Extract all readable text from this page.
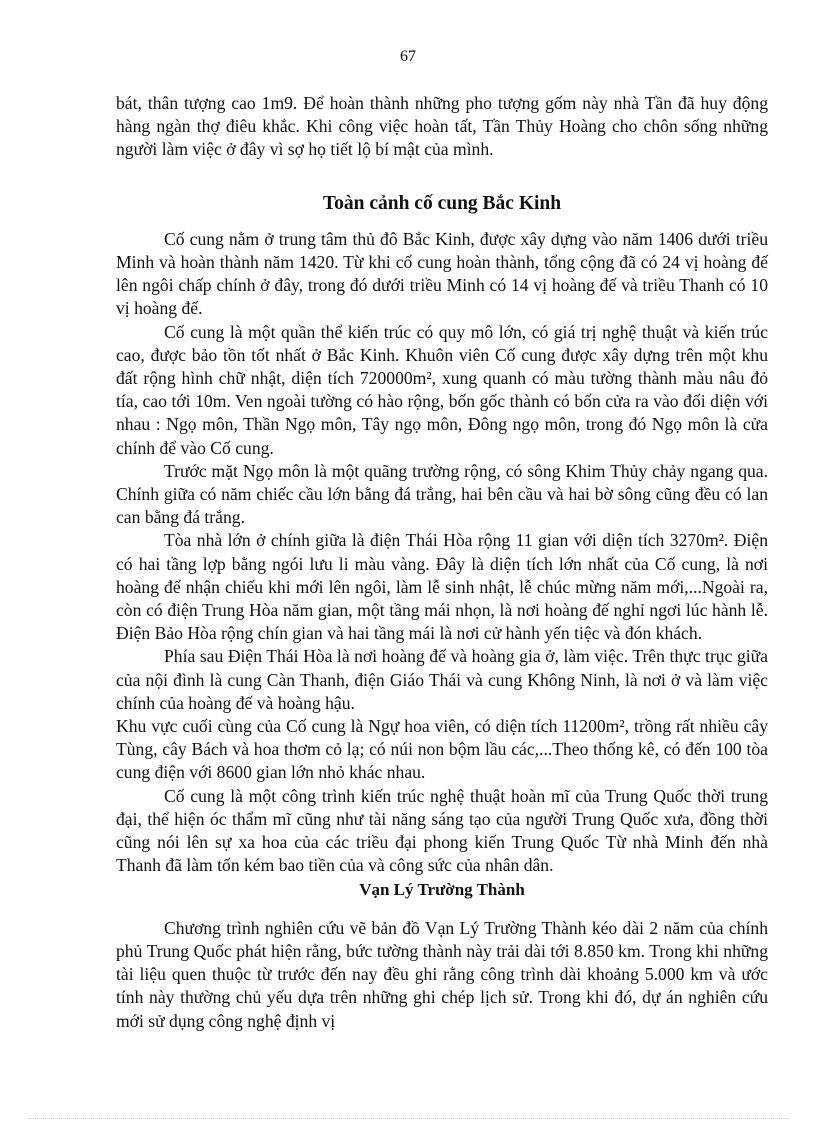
67

bát, thân tượng cao 1m9. Để hoàn thành những pho tượng gốm này nhà Tần đã huy động hàng ngàn thợ điêu khắc. Khi công việc hoàn tất, Tần Thủy Hoàng cho chôn sống những người làm việc ở đây vì sợ họ tiết lộ bí mật của mình.

Toàn cảnh cố cung Bắc Kinh

Cố cung nằm ở trung tâm thủ đô Bắc Kinh, được xây dựng vào năm 1406 dưới triều Minh và hoàn thành năm 1420. Từ khi cố cung hoàn thành, tổng cộng đã có 24 vị hoàng đế lên ngôi chấp chính ở đây, trong đó dưới triều Minh có 14 vị hoàng đế và triều Thanh có 10 vị hoàng đế.

Cố cung là một quần thể kiến trúc có quy mô lớn, có giá trị nghệ thuật và kiến trúc cao, được bảo tồn tốt nhất ở Bắc Kinh. Khuôn viên Cố cung được xây dựng trên một khu đất rộng hình chữ nhật, diện tích 720000m², xung quanh có màu tường thành màu nâu đỏ tía, cao tới 10m. Ven ngoài tường có hào rộng, bốn gốc thành có bốn cửa ra vào đối diện với nhau : Ngọ môn, Thần Ngọ môn, Tây ngọ môn, Đông ngọ môn, trong đó Ngọ môn là cửa chính để vào Cố cung.

Trước mặt Ngọ môn là một quãng trường rộng, có sông Khim Thủy chảy ngang qua. Chính giữa có năm chiếc cầu lớn bằng đá trắng, hai bên cầu và hai bờ sông cũng đều có lan can bằng đá trắng.

Tòa nhà lớn ở chính giữa là điện Thái Hòa rộng 11 gian với diện tích 3270m². Điện có hai tầng lợp bằng ngói lưu li màu vàng. Đây là diện tích lớn nhất của Cố cung, là nơi hoàng đế nhận chiếu khi mới lên ngôi, làm lễ sinh nhật, lễ chúc mừng năm mới,...Ngoài ra, còn có điện Trung Hòa năm gian, một tầng mái nhọn, là nơi hoàng đế nghỉ ngơi lúc hành lễ. Điện Bảo Hòa rộng chín gian và hai tầng mái là nơi cử hành yến tiệc và đón khách.

Phía sau Điện Thái Hòa là nơi hoàng đế và hoàng gia ở, làm việc. Trên thực trục giữa của nội đình là cung Càn Thanh, điện Giáo Thái và cung Không Ninh, là nơi ở và làm việc chính của hoàng đế và hoàng hậu.

Khu vực cuối cùng của Cố cung là Ngự hoa viên, có diện tích 11200m², trồng rất nhiều cây Tùng, cây Bách và hoa thơm cỏ lạ; có núi non bộm lầu các,...Theo thống kê, có đến 100 tòa cung điện với 8600 gian lớn nhỏ khác nhau.

Cố cung là một công trình kiến trúc nghệ thuật hoàn mĩ của Trung Quốc thời trung đại, thể hiện óc thẩm mĩ cũng như tài năng sáng tạo của người Trung Quốc xưa, đồng thời cũng nói lên sự xa hoa của các triều đại phong kiến Trung Quốc Từ nhà Minh đến nhà Thanh đã làm tốn kém bao tiền của và công sức của nhân dân.

Vạn Lý Trường Thành

Chương trình nghiên cứu vẽ bản đồ Vạn Lý Trường Thành kéo dài 2 năm của chính phủ Trung Quốc phát hiện rằng, bức tường thành này trải dài tới 8.850 km. Trong khi những tài liệu quen thuộc từ trước đến nay đều ghi rằng công trình dài khoảng 5.000 km và ước tính này thường chủ yếu dựa trên những ghi chép lịch sử. Trong khi đó, dự án nghiên cứu mới sử dụng công nghệ định vị
